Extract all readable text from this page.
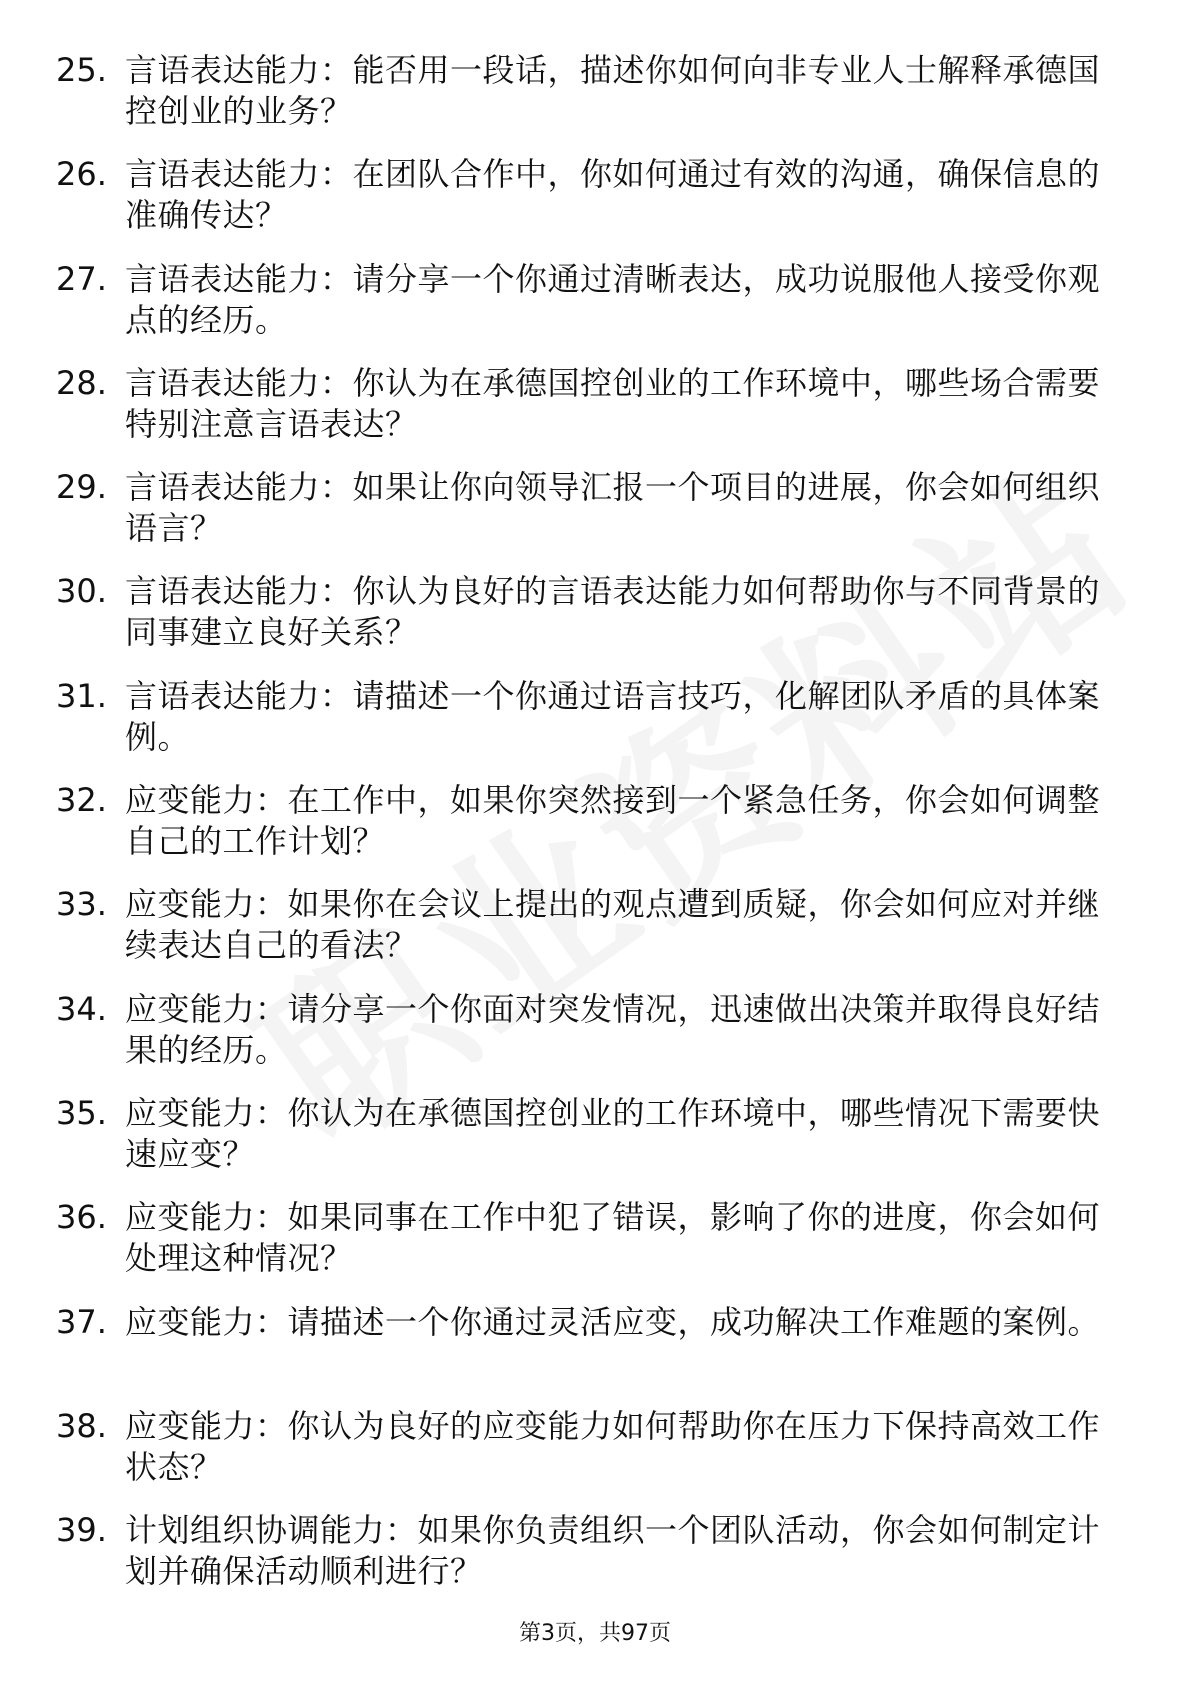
25. 言语表达能力：能否用一段话，描述你如何向非专业人士解释承德国控创业的业务？
26. 言语表达能力：在团队合作中，你如何通过有效的沟通，确保信息的准确传达？
27. 言语表达能力：请分享一个你通过清晰表达，成功说服他人接受你观点的经历。
28. 言语表达能力：你认为在承德国控创业的工作环境中，哪些场合需要特别注意言语表达？
29. 言语表达能力：如果让你向领导汇报一个项目的进展，你会如何组织语言？
30. 言语表达能力：你认为良好的言语表达能力如何帮助你与不同背景的同事建立良好关系？
31. 言语表达能力：请描述一个你通过语言技巧，化解团队矛盾的具体案例。
32. 应变能力：在工作中，如果你突然接到一个紧急任务，你会如何调整自己的工作计划？
33. 应变能力：如果你在会议上提出的观点遭到质疑，你会如何应对并继续表达自己的看法？
34. 应变能力：请分享一个你面对突发情况，迅速做出决策并取得良好结果的经历。
35. 应变能力：你认为在承德国控创业的工作环境中，哪些情况下需要快速应变？
36. 应变能力：如果同事在工作中犯了错误，影响了你的进度，你会如何处理这种情况？
37. 应变能力：请描述一个你通过灵活应变，成功解决工作难题的案例。
38. 应变能力：你认为良好的应变能力如何帮助你在压力下保持高效工作状态？
39. 计划组织协调能力：如果你负责组织一个团队活动，你会如何制定计划并确保活动顺利进行？
第3页，共97页
